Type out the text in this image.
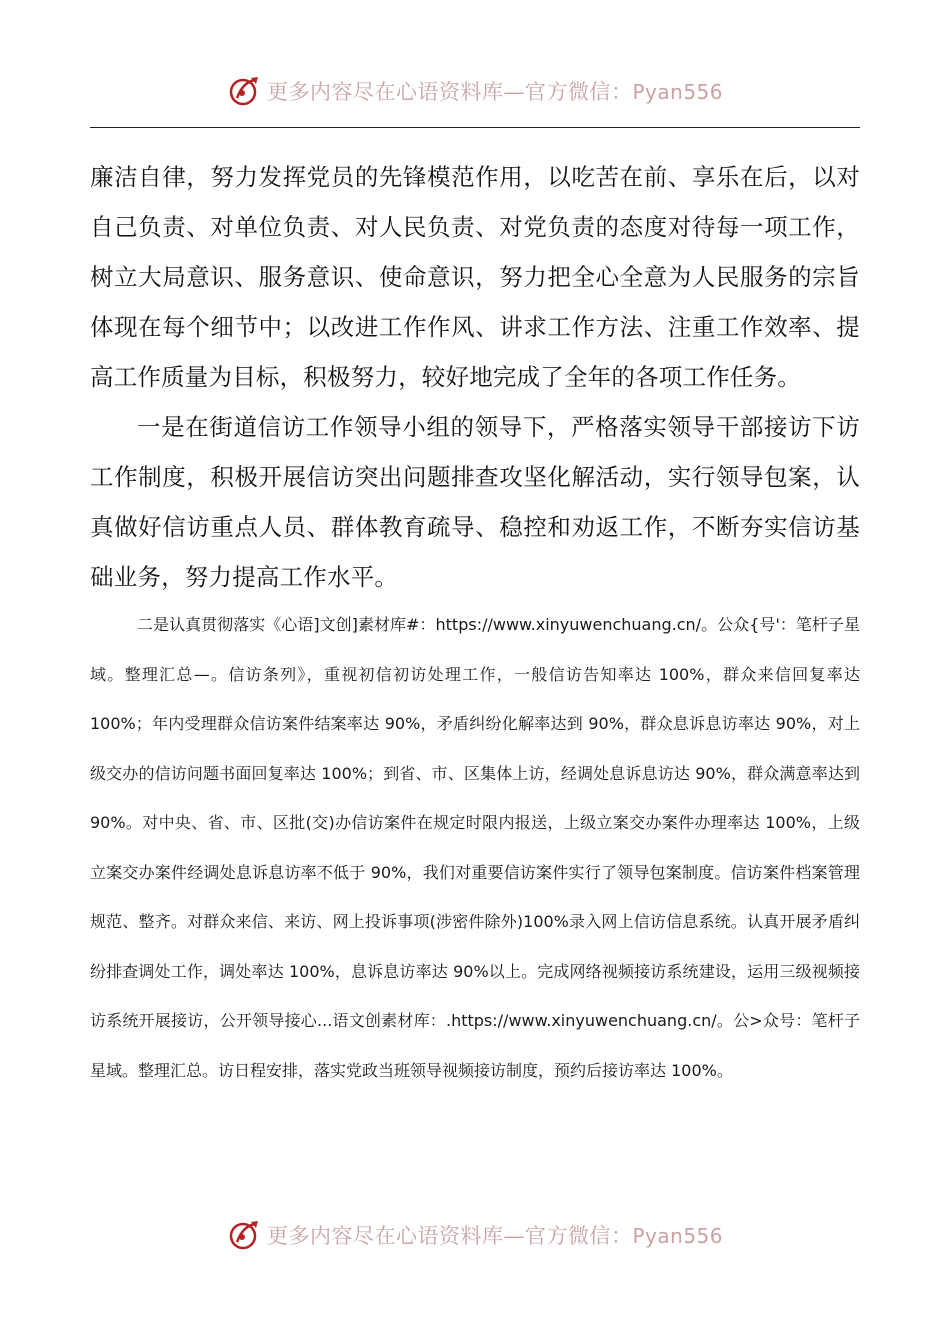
更多内容尽在心语资料库—官方微信：Pyan556

廉洁自律，努力发挥党员的先锋模范作用，以吃苦在前、享乐在后，以对自己负责、对单位负责、对人民负责、对党负责的态度对待每一项工作，树立大局意识、服务意识、使命意识，努力把全心全意为人民服务的宗旨体现在每个细节中；以改进工作作风、讲求工作方法、注重工作效率、提高工作质量为目标，积极努力，较好地完成了全年的各项工作任务。

一是在街道信访工作领导小组的领导下，严格落实领导干部接访下访工作制度，积极开展信访突出问题排查攻坚化解活动，实行领导包案，认真做好信访重点人员、群体教育疏导、稳控和劝返工作，不断夯实信访基础业务，努力提高工作水平。

二是认真贯彻落实《心语]文创]素材库#：https://www.xinyuwenchuang.cn/。公众{号'：笔杆子星域。整理汇总—。信访条列》，重视初信初访处理工作，一般信访告知率达 100%，群众来信回复率达 100%；年内受理群众信访案件结案率达 90%，矛盾纠纷化解率达到 90%，群众息诉息访率达 90%，对上级交办的信访问题书面回复率达 100%；到省、市、区集体上访，经调处息诉息访达 90%，群众满意率达到 90%。对中央、省、市、区批(交)办信访案件在规定时限内报送，上级立案交办案件办理率达 100%，上级立案交办案件经调处息诉息访率不低于 90%，我们对重要信访案件实行了领导包案制度。信访案件档案管理规范、整齐。对群众来信、来访、网上投诉事项(涉密件除外)100%录入网上信访信息系统。认真开展矛盾纠纷排查调处工作，调处率达 100%，息诉息访率达 90%以上。完成网络视频接访系统建设，运用三级视频接访系统开展接访，公开领导接心...语文创素材库：.https://www.xinyuwenchuang.cn/。公>众号：笔杆子星域。整理汇总。访日程安排，落实党政当班领导视频接访制度，预约后接访率达 100%。

更多内容尽在心语资料库—官方微信：Pyan556
